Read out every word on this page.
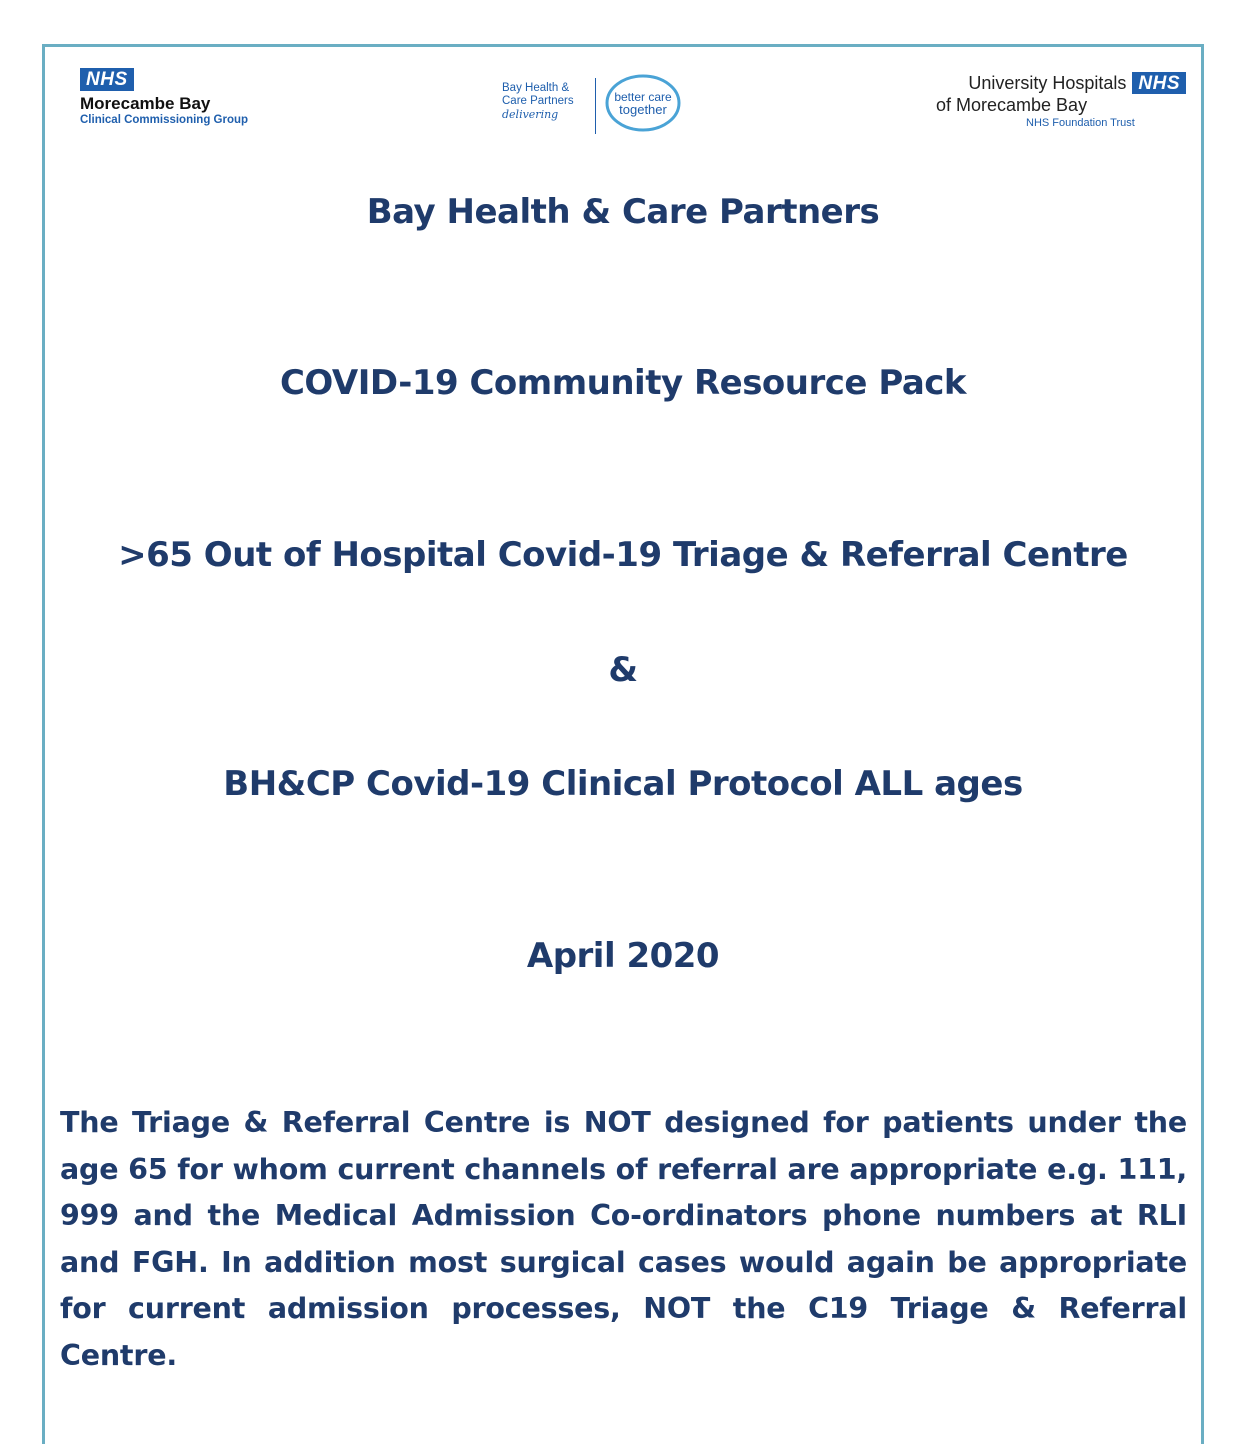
NHS
Morecambe Bay
Clinical Commissioning Group
Bay Health &
Care Partners
delivering
better care
together
University Hospitals NHS
of Morecambe Bay
NHS Foundation Trust
Bay Health & Care Partners
COVID-19 Community Resource Pack
>65 Out of Hospital Covid-19 Triage & Referral Centre
&
BH&CP Covid-19 Clinical Protocol ALL ages
April 2020
The Triage & Referral Centre is NOT designed for patients under the age 65 for whom current channels of referral are appropriate e.g. 111, 999 and the Medical Admission Co-ordinators phone numbers at RLI and FGH. In addition most surgical cases would again be appropriate for current admission processes, NOT the C19 Triage & Referral Centre.
